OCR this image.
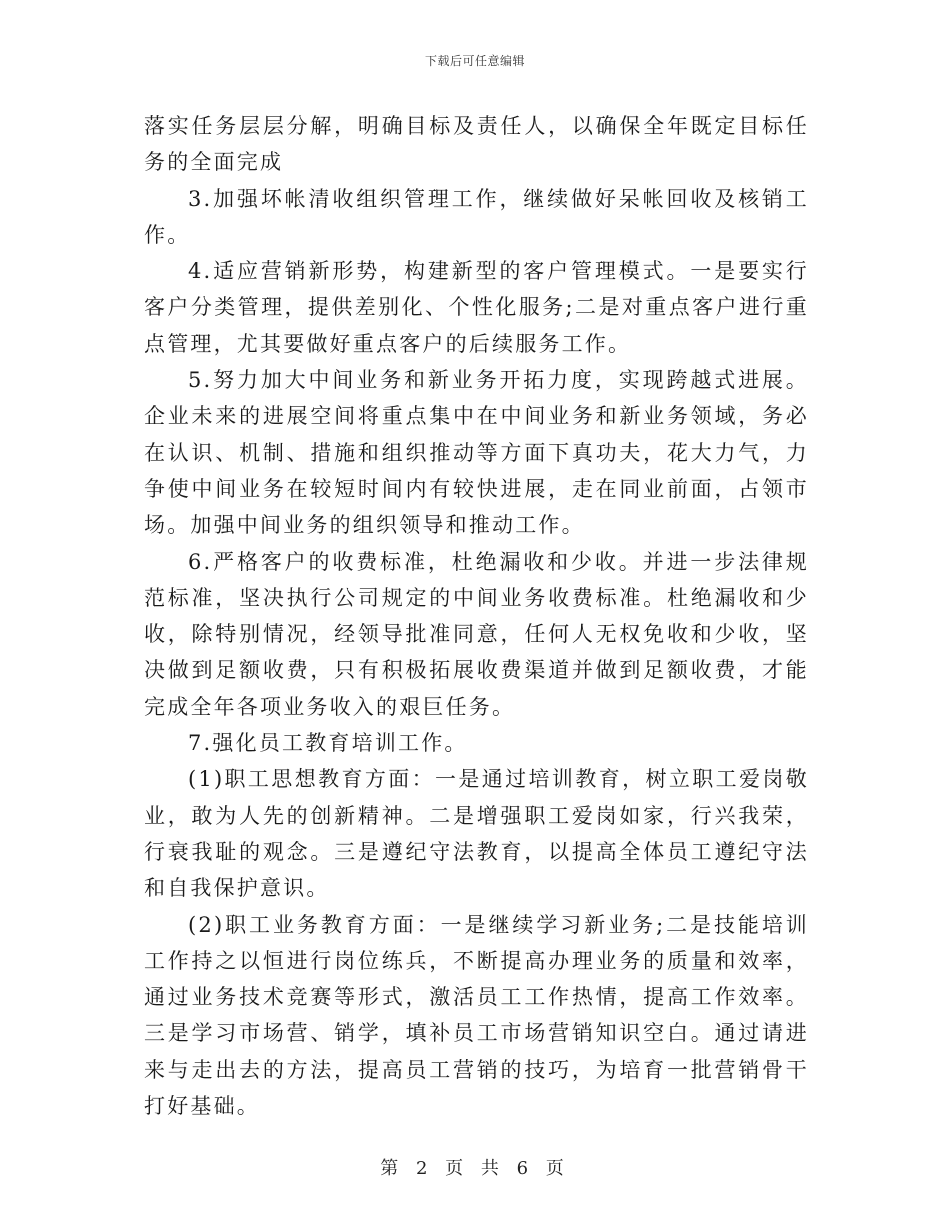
下载后可任意编辑

落实任务层层分解，明确目标及责任人，以确保全年既定目标任务的全面完成

3.加强坏帐清收组织管理工作，继续做好呆帐回收及核销工作。

4.适应营销新形势，构建新型的客户管理模式。一是要实行客户分类管理，提供差别化、个性化服务;二是对重点客户进行重点管理，尤其要做好重点客户的后续服务工作。

5.努力加大中间业务和新业务开拓力度，实现跨越式进展。企业未来的进展空间将重点集中在中间业务和新业务领域，务必在认识、机制、措施和组织推动等方面下真功夫，花大力气，力争使中间业务在较短时间内有较快进展，走在同业前面，占领市场。加强中间业务的组织领导和推动工作。

6.严格客户的收费标准，杜绝漏收和少收。并进一步法律规范标准，坚决执行公司规定的中间业务收费标准。杜绝漏收和少收，除特别情况，经领导批准同意，任何人无权免收和少收，坚决做到足额收费，只有积极拓展收费渠道并做到足额收费，才能完成全年各项业务收入的艰巨任务。

7.强化员工教育培训工作。

(1)职工思想教育方面：一是通过培训教育，树立职工爱岗敬业，敢为人先的创新精神。二是增强职工爱岗如家，行兴我荣，行衰我耻的观念。三是遵纪守法教育，以提高全体员工遵纪守法和自我保护意识。

(2)职工业务教育方面：一是继续学习新业务;二是技能培训工作持之以恒进行岗位练兵，不断提高办理业务的质量和效率，通过业务技术竞赛等形式，激活员工工作热情，提高工作效率。三是学习市场营、销学，填补员工市场营销知识空白。通过请进来与走出去的方法，提高员工营销的技巧，为培育一批营销骨干打好基础。

第 2 页 共 6 页
